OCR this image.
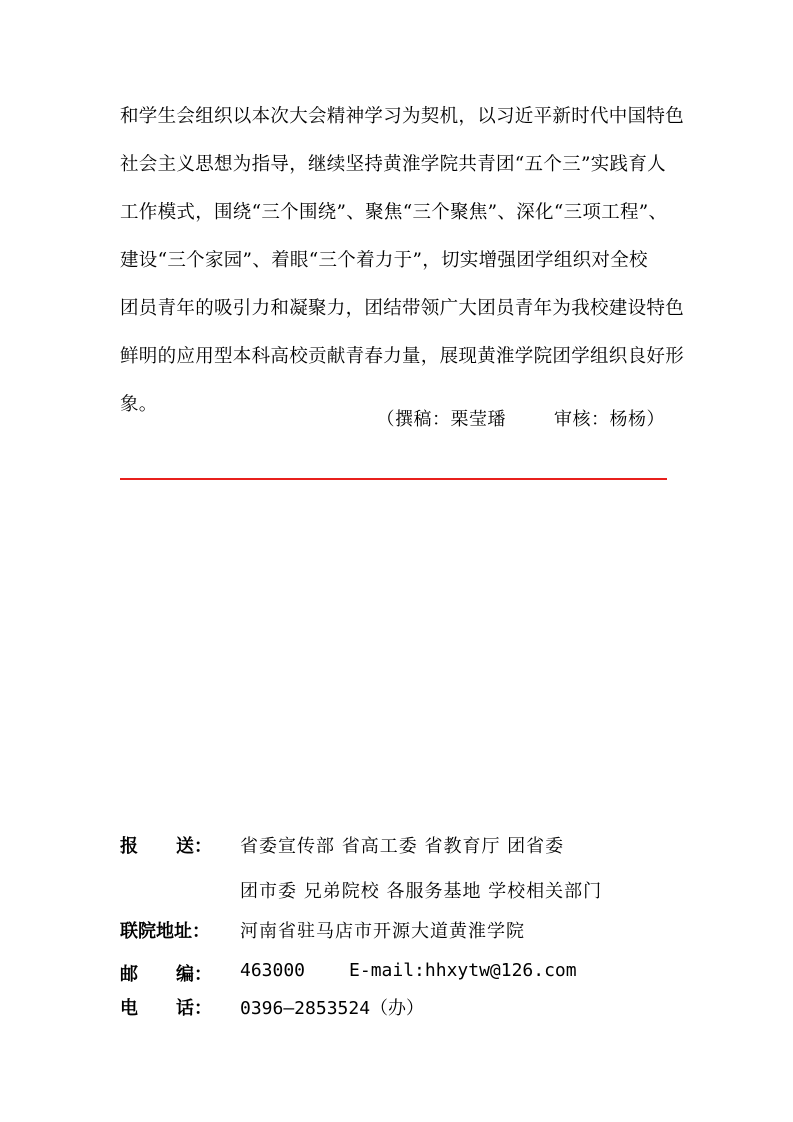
和学生会组织以本次大会精神学习为契机，以习近平新时代中国特色
社会主义思想为指导，继续坚持黄淮学院共青团“五个三”实践育人
工作模式，围绕“三个围绕”、聚焦“三个聚焦”、深化“三项工程”、
建设“三个家园”、着眼“三个着力于”，切实增强团学组织对全校
团员青年的吸引力和凝聚力，团结带领广大团员青年为我校建设特色
鲜明的应用型本科高校贡献青春力量，展现黄淮学院团学组织良好形
象。
（撰稿：栗莹璠	审核：杨杨）
报 送： 省委宣传部 省高工委 省教育厅 团省委
团市委 兄弟院校 各服务基地 学校相关部门
联院地址： 河南省驻马店市开源大道黄淮学院
邮 编： 463000 E-mail:hhxytw@126.com
电 话： 0396—2853524（办）
